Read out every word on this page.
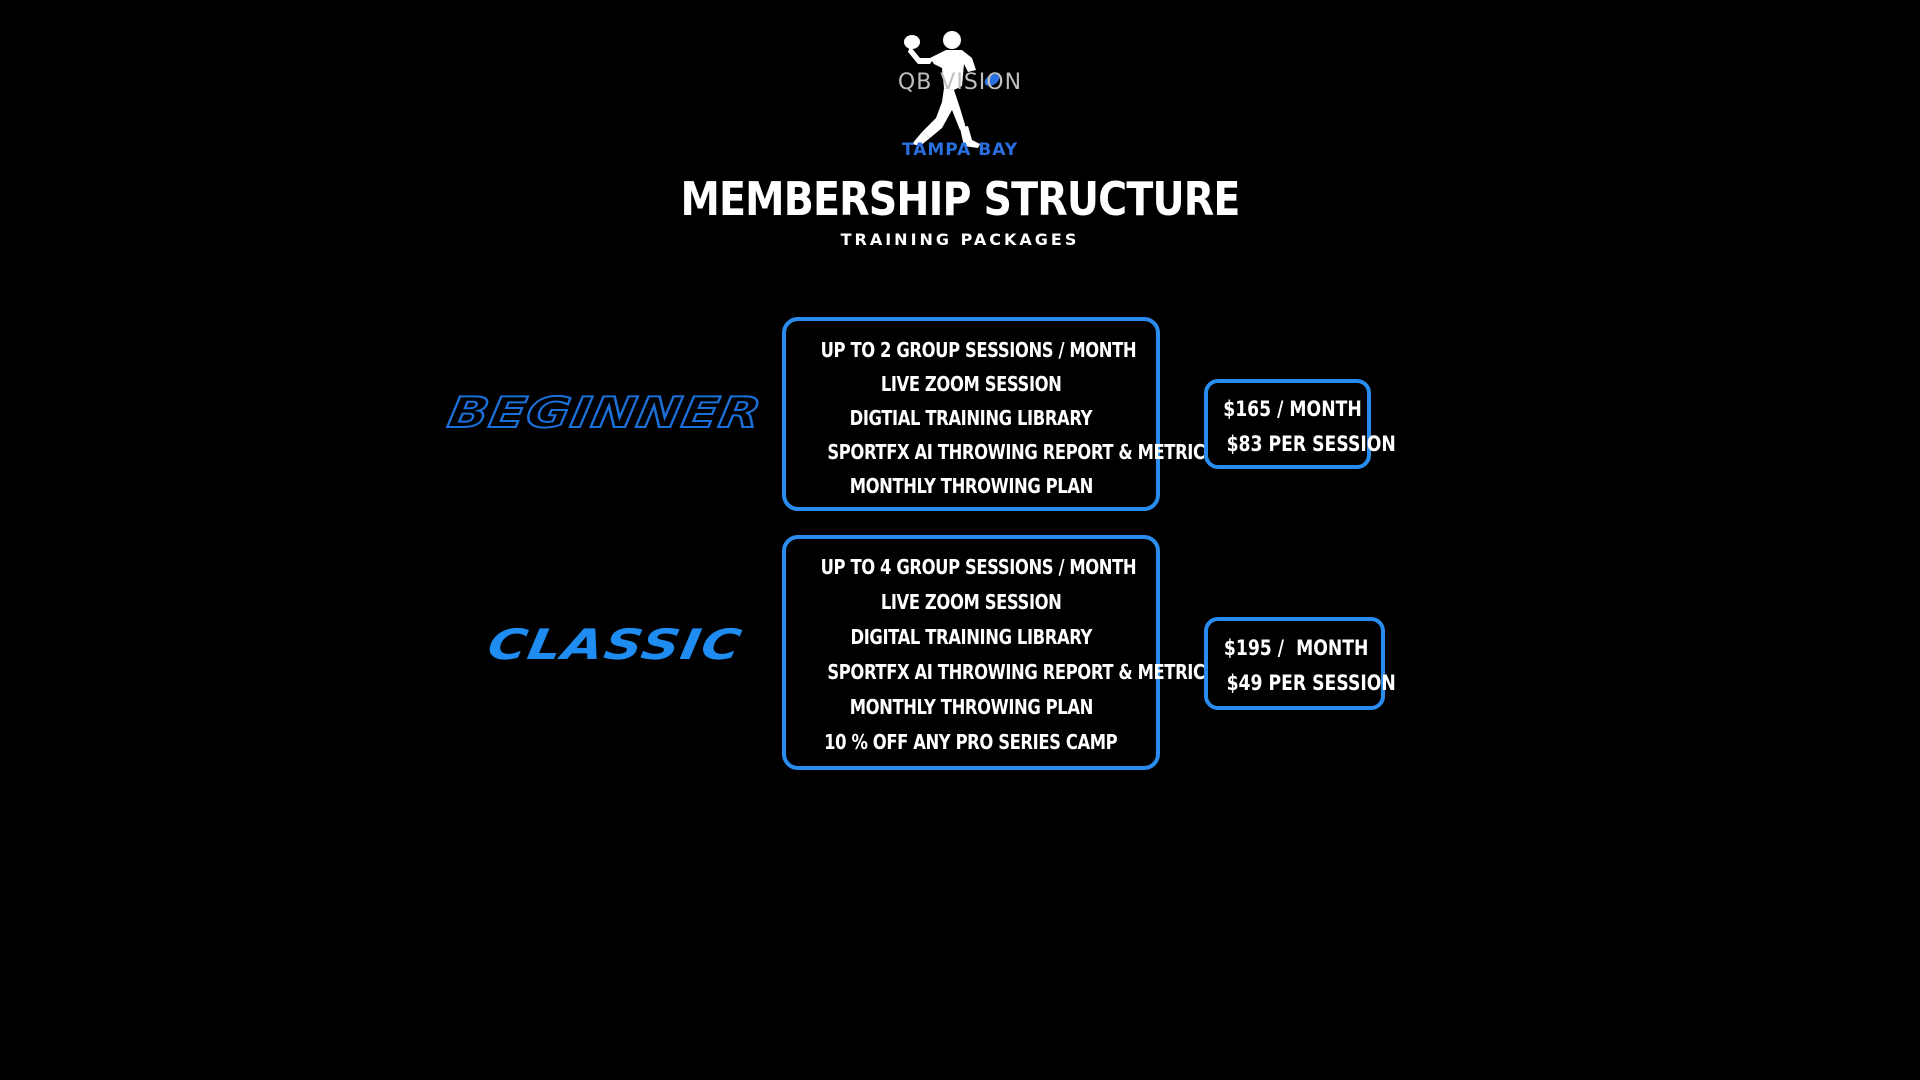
QB VISION
TAMPA BAY
MEMBERSHIP STRUCTURE
TRAINING PACKAGES
BEGINNER
UP TO 2 GROUP SESSIONS / MONTH
LIVE ZOOM SESSION
DIGTIAL TRAINING LIBRARY
SPORTFX AI THROWING REPORT & METRIC
MONTHLY THROWING PLAN
$165 / MONTH
$83 PER SESSION
CLASSIC
UP TO 4 GROUP SESSIONS / MONTH
LIVE ZOOM SESSION
DIGITAL TRAINING LIBRARY
SPORTFX AI THROWING REPORT & METRIC
MONTHLY THROWING PLAN
10 % OFF ANY PRO SERIES CAMP
$195 /  MONTH
$49 PER SESSION
